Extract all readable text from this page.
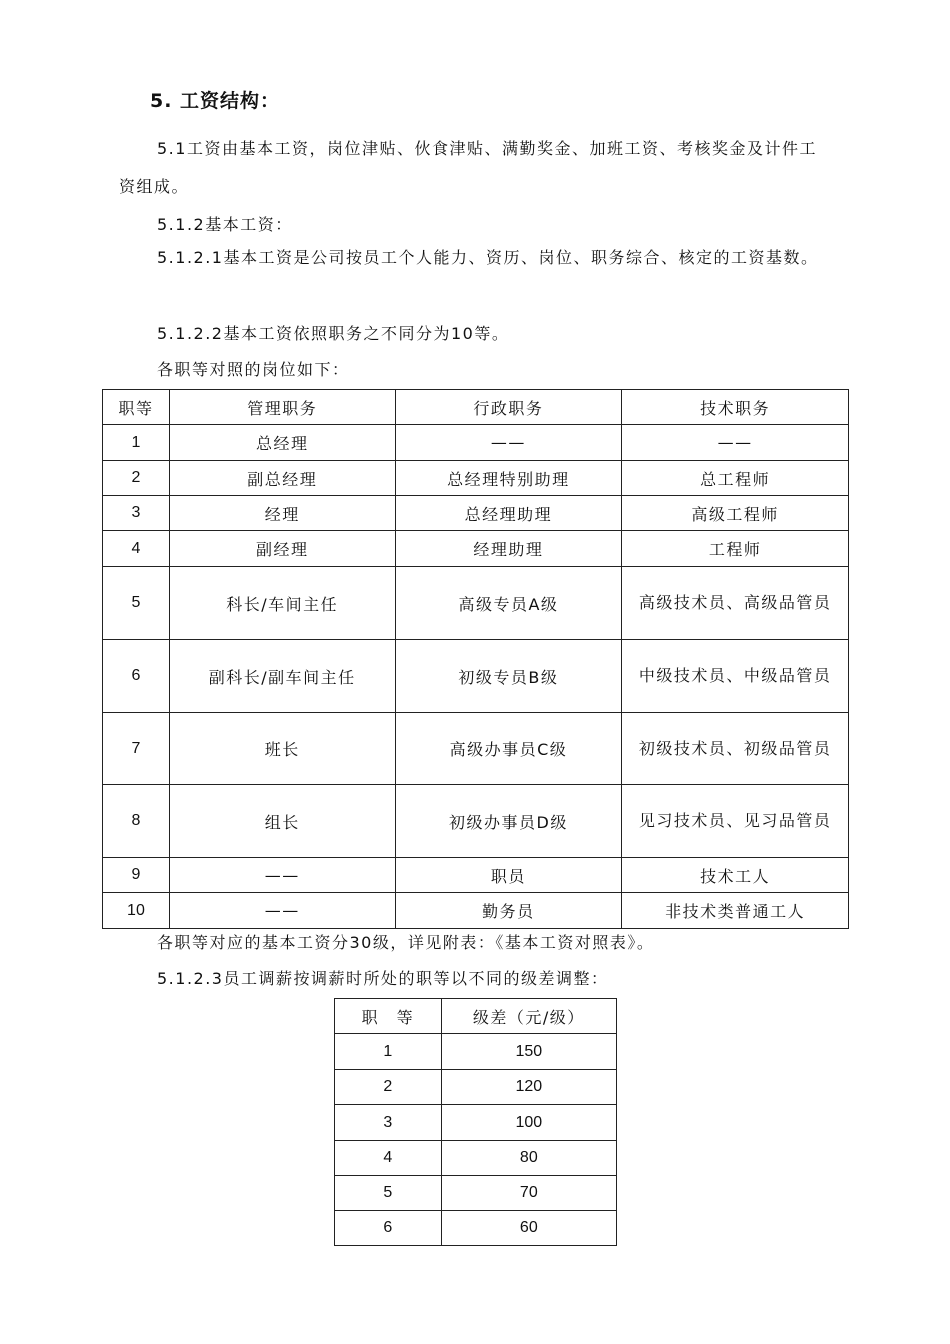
5. 工资结构：

5.1工资由基本工资，岗位津贴、伙食津贴、满勤奖金、加班工资、考核奖金及计件工资组成。

5.1.2基本工资：

5.1.2.1基本工资是公司按员工个人能力、资历、岗位、职务综合、核定的工资基数。

5.1.2.2基本工资依照职务之不同分为10等。
各职等对照的岗位如下：
职等	管理职务	行政职务	技术职务
1	总经理	——	——
2	副总经理	总经理特别助理	总工程师
3	经理	总经理助理	高级工程师
4	副经理	经理助理	工程师
5	科长/车间主任	高级专员A级	高级技术员、高级品管员
6	副科长/副车间主任	初级专员B级	中级技术员、中级品管员
7	班长	高级办事员C级	初级技术员、初级品管员
8	组长	初级办事员D级	见习技术员、见习品管员
9	——	职员	技术工人
10	——	勤务员	非技术类普通工人
各职等对应的基本工资分30级，详见附表：《基本工资对照表》。
5.1.2.3员工调薪按调薪时所处的职等以不同的级差调整：
职　等	级差（元/级）
1	150
2	120
3	100
4	80
5	70
6	60
